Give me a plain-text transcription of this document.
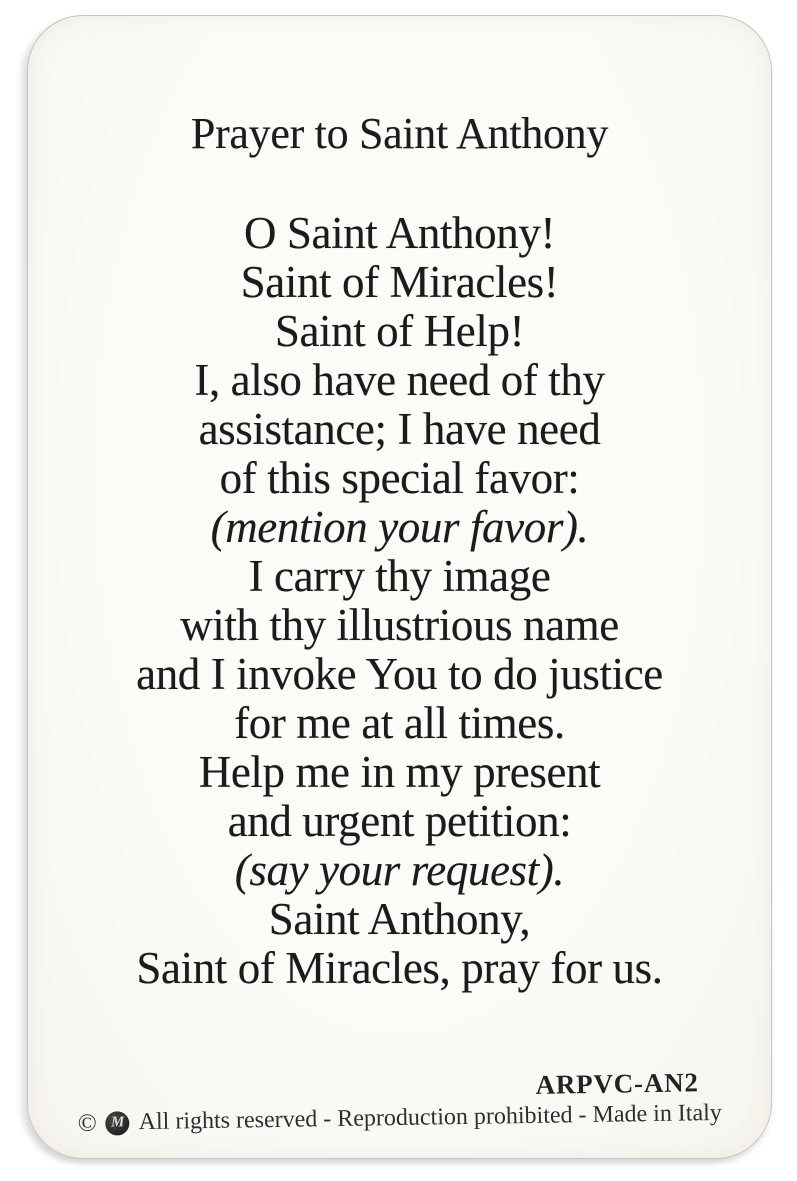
Prayer to Saint Anthony
O Saint Anthony!
Saint of Miracles!
Saint of Help!
I, also have need of thy
assistance; I have need
of this special favor:
(mention your favor).
I carry thy image
with thy illustrious name
and I invoke You to do justice
for me at all times.
Help me in my present
and urgent petition:
(say your request).
Saint Anthony,
Saint of Miracles, pray for us.
ARPVC-AN2
© M All rights reserved - Reproduction prohibited - Made in Italy
